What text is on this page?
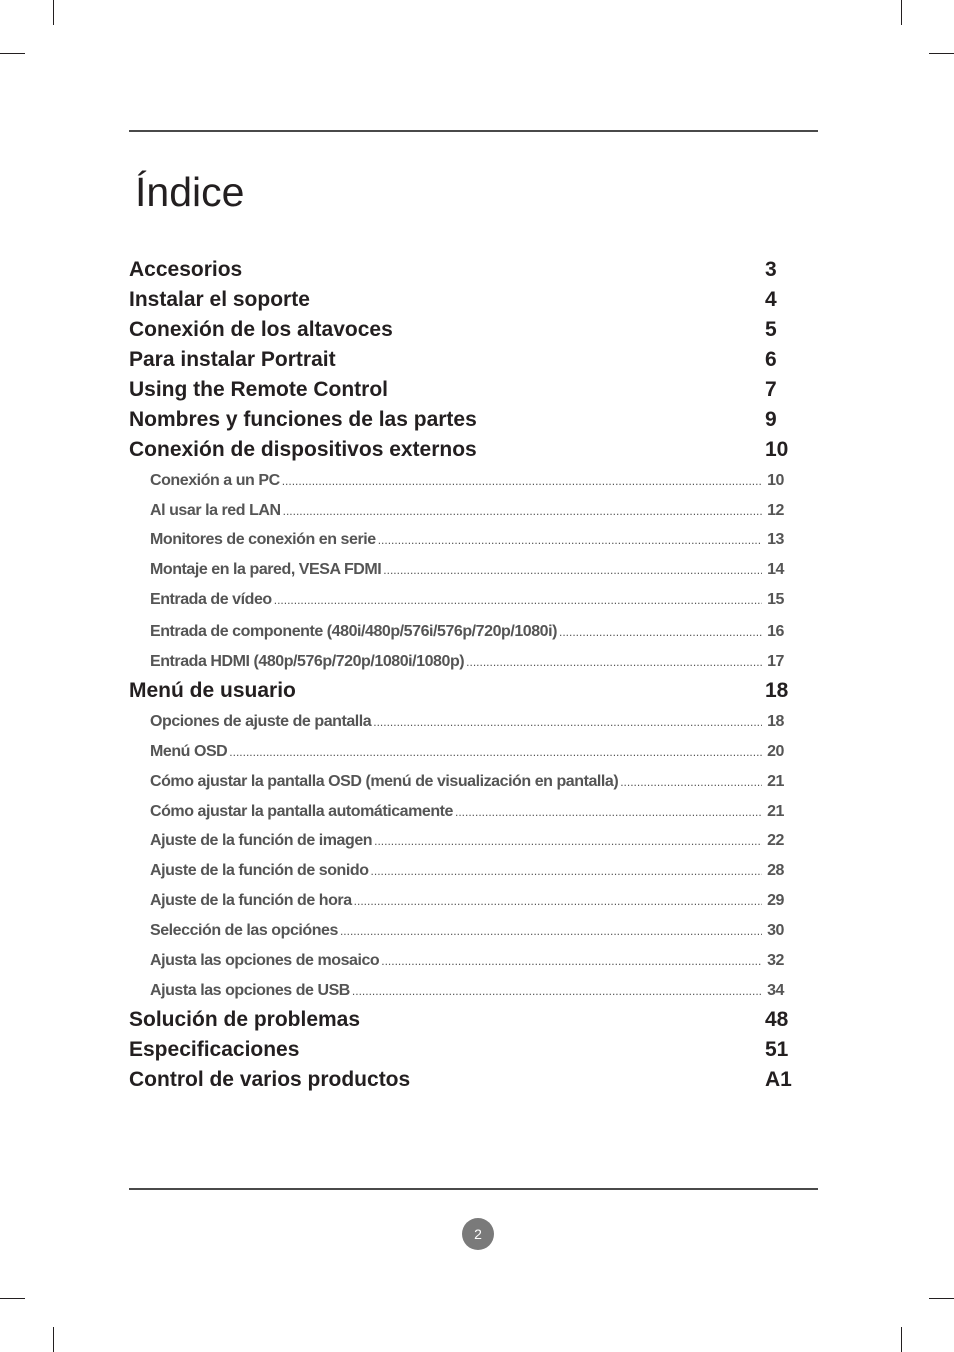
Índice
Accesorios	3
Instalar el soporte	4
Conexión de los altavoces	5
Para instalar Portrait	6
Using the Remote Control	7
Nombres y funciones de las partes	9
Conexión de dispositivos externos	10
Conexión a un PC .....	10
Al usar la red LAN .....	12
Monitores de conexión en serie .....	13
Montaje en la pared, VESA FDMI .....	14
Entrada de vídeo .....	15
Entrada de componente (480i/480p/576i/576p/720p/1080i) .....	16
Entrada HDMI (480p/576p/720p/1080i/1080p) .....	17
Menú de usuario	18
Opciones de ajuste de pantalla .....	18
Menú OSD .....	20
Cómo ajustar la pantalla OSD (menú de visualización en pantalla) .....	21
Cómo ajustar la pantalla automáticamente .....	21
Ajuste de la función de imagen .....	22
Ajuste de la función de sonido .....	28
Ajuste de la función de hora .....	29
Selección de las opciónes .....	30
Ajusta las opciones de mosaico .....	32
Ajusta las opciones de USB .....	34
Solución de problemas	48
Especificaciones	51
Control de varios productos	A1
2
